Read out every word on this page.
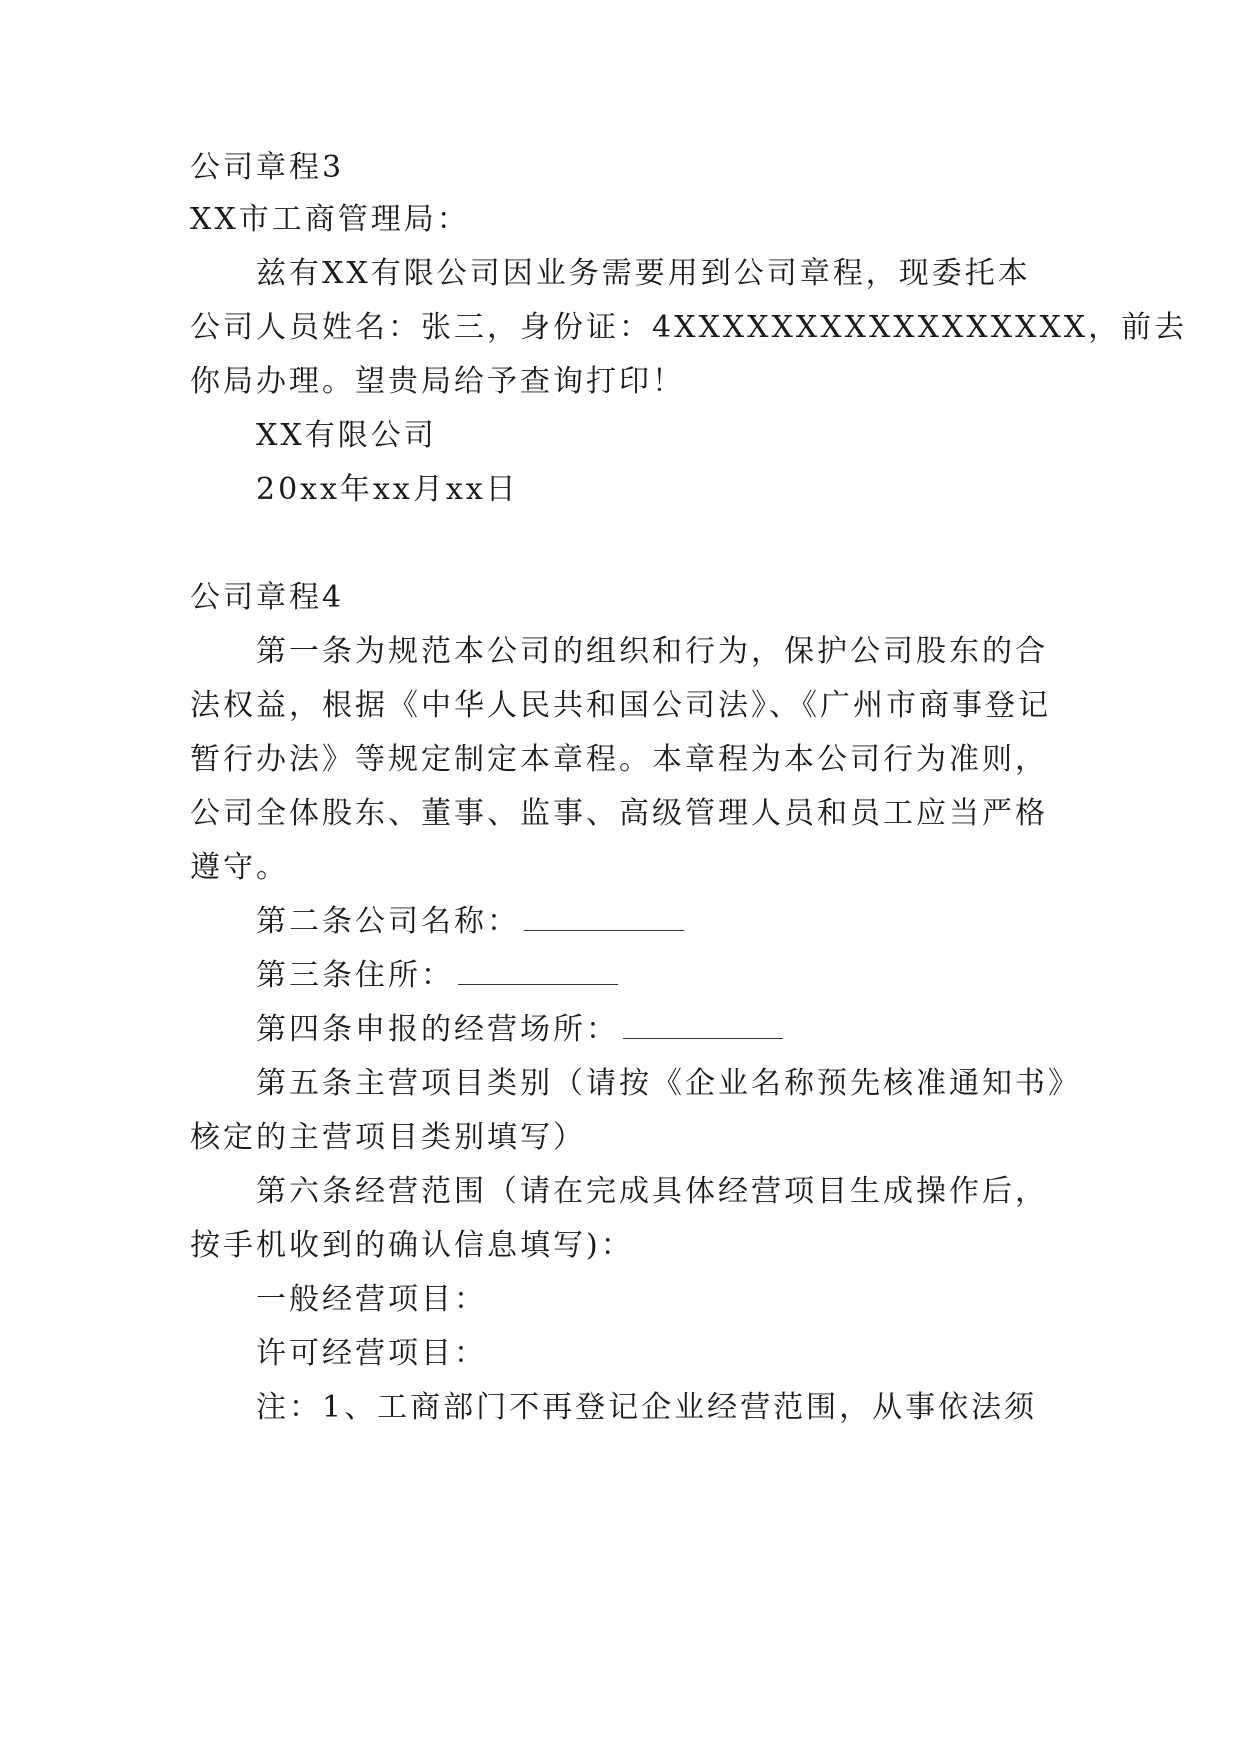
公司章程3

XX市工商管理局：

兹有XX有限公司因业务需要用到公司章程，现委托本

公司人员姓名：张三，身份证：4XXXXXXXXXXXXXXXXX，前去

你局办理。望贵局给予查询打印！

XX有限公司

20xx年xx月xx日

公司章程4

第一条为规范本公司的组织和行为，保护公司股东的合

法权益，根据《中华人民共和国公司法》、《广州市商事登记

暂行办法》等规定制定本章程。本章程为本公司行为准则，

公司全体股东、董事、监事、高级管理人员和员工应当严格

遵守。

第二条公司名称：

第三条住所：

第四条申报的经营场所：

第五条主营项目类别（请按《企业名称预先核准通知书》

核定的主营项目类别填写）

第六条经营范围（请在完成具体经营项目生成操作后，

按手机收到的确认信息填写)：

一般经营项目：

许可经营项目：

注：1、工商部门不再登记企业经营范围，从事依法须
